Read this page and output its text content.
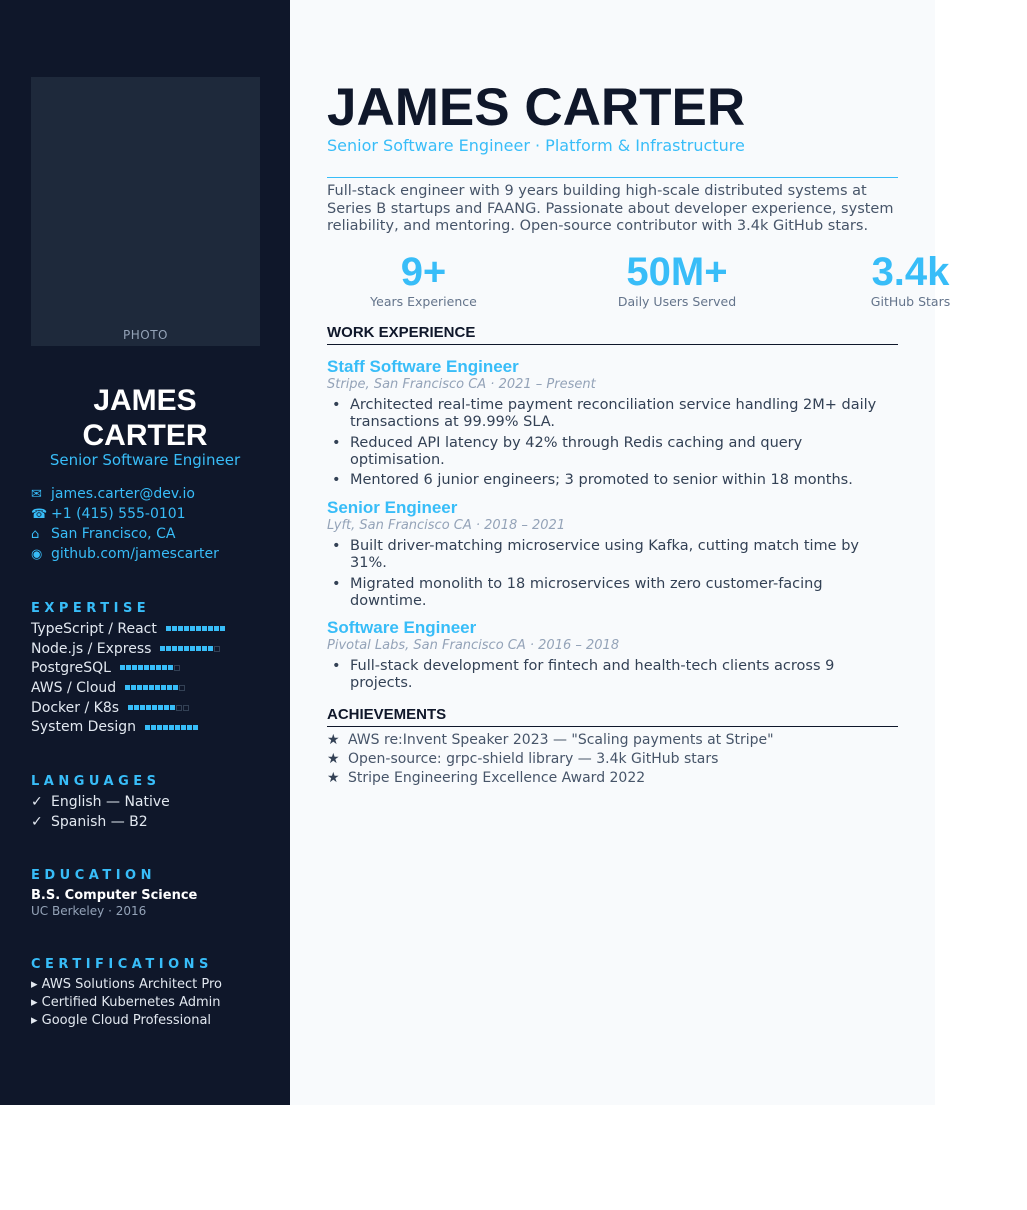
PHOTO
JAMES
CARTER
Senior Software Engineer
✉ james.carter@dev.io
☎ +1 (415) 555-0101
⌂ San Francisco, CA
◉ github.com/jamescarter
EXPERTISE
TypeScript / React
Node.js / Express
PostgreSQL
AWS / Cloud
Docker / K8s
System Design
LANGUAGES
✓ English — Native
✓ Spanish — B2
EDUCATION
B.S. Computer Science
UC Berkeley · 2016
CERTIFICATIONS
▸ AWS Solutions Architect Pro
▸ Certified Kubernetes Admin
▸ Google Cloud Professional
JAMES CARTER
Senior Software Engineer · Platform & Infrastructure
Full-stack engineer with 9 years building high-scale distributed systems at Series B startups and FAANG. Passionate about developer experience, system reliability, and mentoring. Open-source contributor with 3.4k GitHub stars.
9+
Years Experience
50M+
Daily Users Served
3.4k
GitHub Stars
WORK EXPERIENCE
Staff Software Engineer
Stripe, San Francisco CA · 2021 – Present
• Architected real-time payment reconciliation service handling 2M+ daily transactions at 99.99% SLA.
• Reduced API latency by 42% through Redis caching and query optimisation.
• Mentored 6 junior engineers; 3 promoted to senior within 18 months.
Senior Engineer
Lyft, San Francisco CA · 2018 – 2021
• Built driver-matching microservice using Kafka, cutting match time by 31%.
• Migrated monolith to 18 microservices with zero customer-facing downtime.
Software Engineer
Pivotal Labs, San Francisco CA · 2016 – 2018
• Full-stack development for fintech and health-tech clients across 9 projects.
ACHIEVEMENTS
★ AWS re:Invent Speaker 2023 — "Scaling payments at Stripe"
★ Open-source: grpc-shield library — 3.4k GitHub stars
★ Stripe Engineering Excellence Award 2022
